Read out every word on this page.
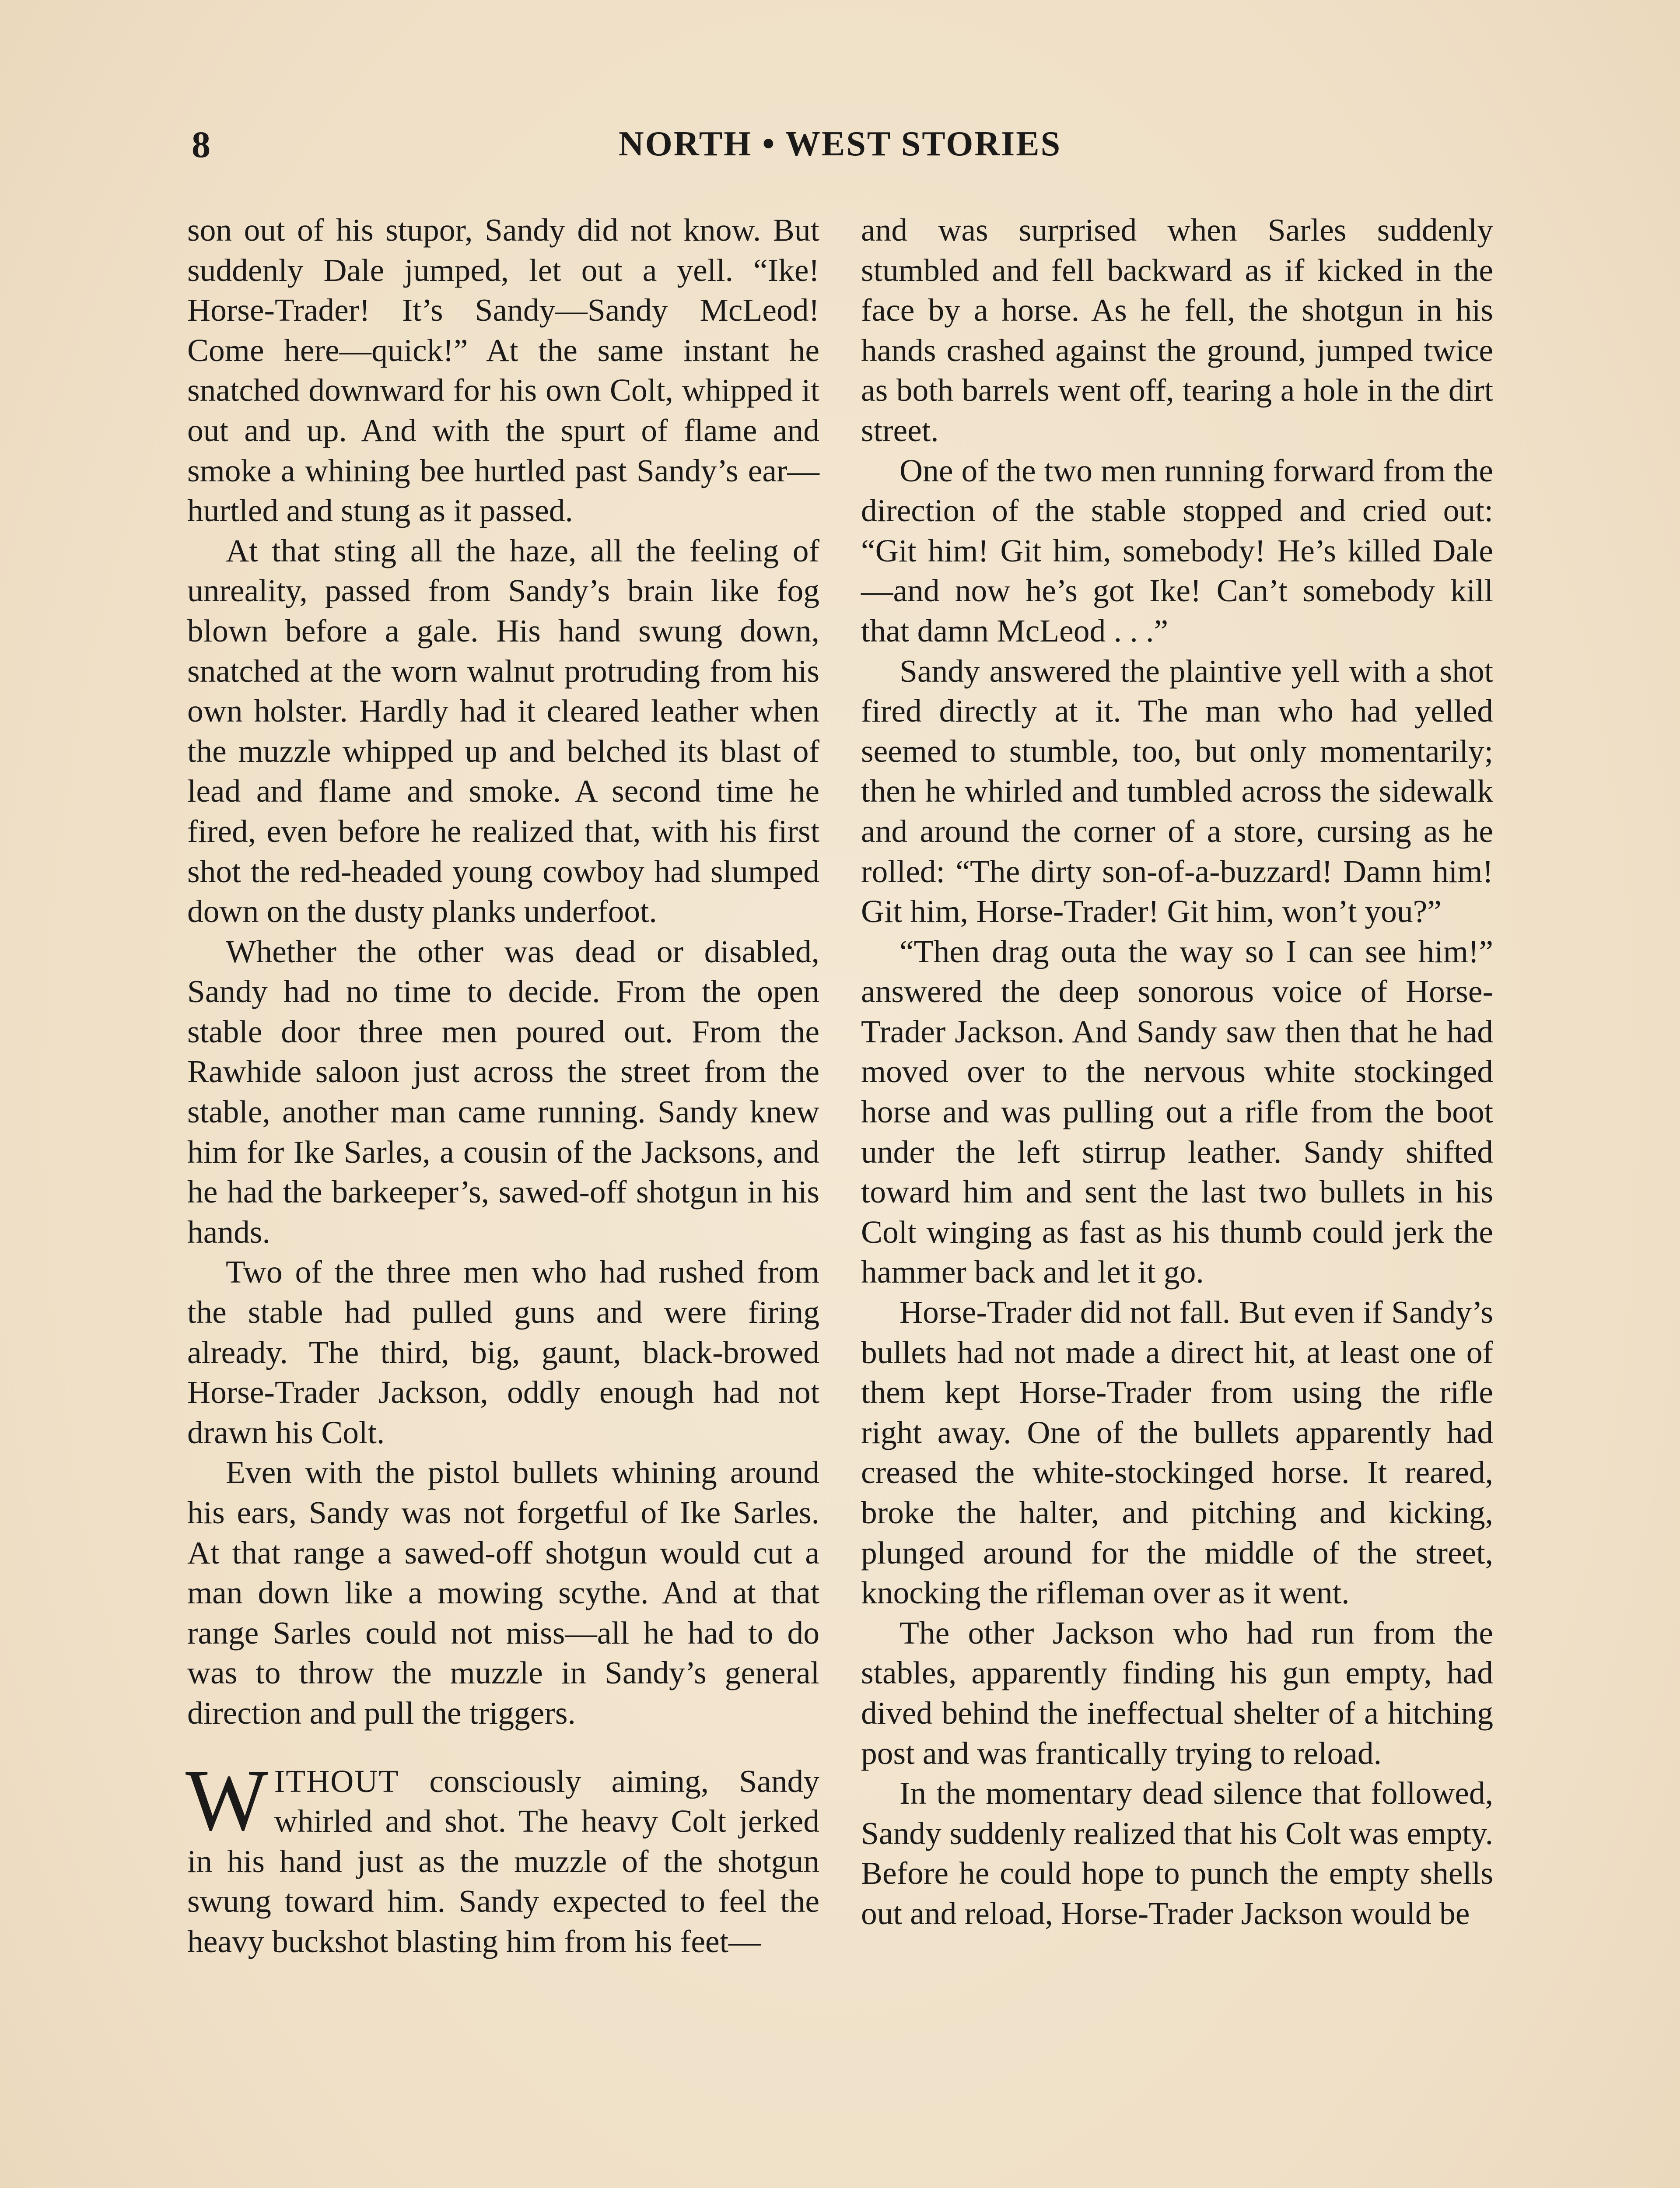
8	NORTH • WEST STORIES

son out of his stupor, Sandy did not know. But suddenly Dale jumped, let out a yell. “Ike! Horse-Trader! It’s Sandy—Sandy McLeod! Come here—quick!” At the same instant he snatched downward for his own Colt, whipped it out and up. And with the spurt of flame and smoke a whining bee hurtled past Sandy’s ear—hurtled and stung as it passed.

At that sting all the haze, all the feeling of unreality, passed from Sandy’s brain like fog blown before a gale. His hand swung down, snatched at the worn walnut protruding from his own holster. Hardly had it cleared leather when the muzzle whipped up and belched its blast of lead and flame and smoke. A second time he fired, even before he realized that, with his first shot the red-headed young cowboy had slumped down on the dusty planks underfoot.

Whether the other was dead or disabled, Sandy had no time to decide. From the open stable door three men poured out. From the Rawhide saloon just across the street from the stable, another man came running. Sandy knew him for Ike Sarles, a cousin of the Jacksons, and he had the barkeeper’s, sawed-off shotgun in his hands.

Two of the three men who had rushed from the stable had pulled guns and were firing already. The third, big, gaunt, black-browed Horse-Trader Jackson, oddly enough had not drawn his Colt.

Even with the pistol bullets whining around his ears, Sandy was not forgetful of Ike Sarles. At that range a sawed-off shotgun would cut a man down like a mowing scythe. And at that range Sarles could not miss—all he had to do was to throw the muzzle in Sandy’s general direction and pull the triggers.

WITHOUT consciously aiming, Sandy whirled and shot. The heavy Colt jerked in his hand just as the muzzle of the shotgun swung toward him. Sandy expected to feel the heavy buckshot blasting him from his feet—

and was surprised when Sarles suddenly stumbled and fell backward as if kicked in the face by a horse. As he fell, the shotgun in his hands crashed against the ground, jumped twice as both barrels went off, tearing a hole in the dirt street.

One of the two men running forward from the direction of the stable stopped and cried out: “Git him! Git him, somebody! He’s killed Dale—and now he’s got Ike! Can’t somebody kill that damn McLeod . . .”

Sandy answered the plaintive yell with a shot fired directly at it. The man who had yelled seemed to stumble, too, but only momentarily; then he whirled and tumbled across the sidewalk and around the corner of a store, cursing as he rolled: “The dirty son-of-a-buzzard! Damn him! Git him, Horse-Trader! Git him, won’t you?”

“Then drag outa the way so I can see him!” answered the deep sonorous voice of Horse-Trader Jackson. And Sandy saw then that he had moved over to the nervous white stockinged horse and was pulling out a rifle from the boot under the left stirrup leather. Sandy shifted toward him and sent the last two bullets in his Colt winging as fast as his thumb could jerk the hammer back and let it go.

Horse-Trader did not fall. But even if Sandy’s bullets had not made a direct hit, at least one of them kept Horse-Trader from using the rifle right away. One of the bullets apparently had creased the white-stockinged horse. It reared, broke the halter, and pitching and kicking, plunged around for the middle of the street, knocking the rifleman over as it went.

The other Jackson who had run from the stables, apparently finding his gun empty, had dived behind the ineffectual shelter of a hitching post and was frantically trying to reload.

In the momentary dead silence that followed, Sandy suddenly realized that his Colt was empty. Before he could hope to punch the empty shells out and reload, Horse-Trader Jackson would be
